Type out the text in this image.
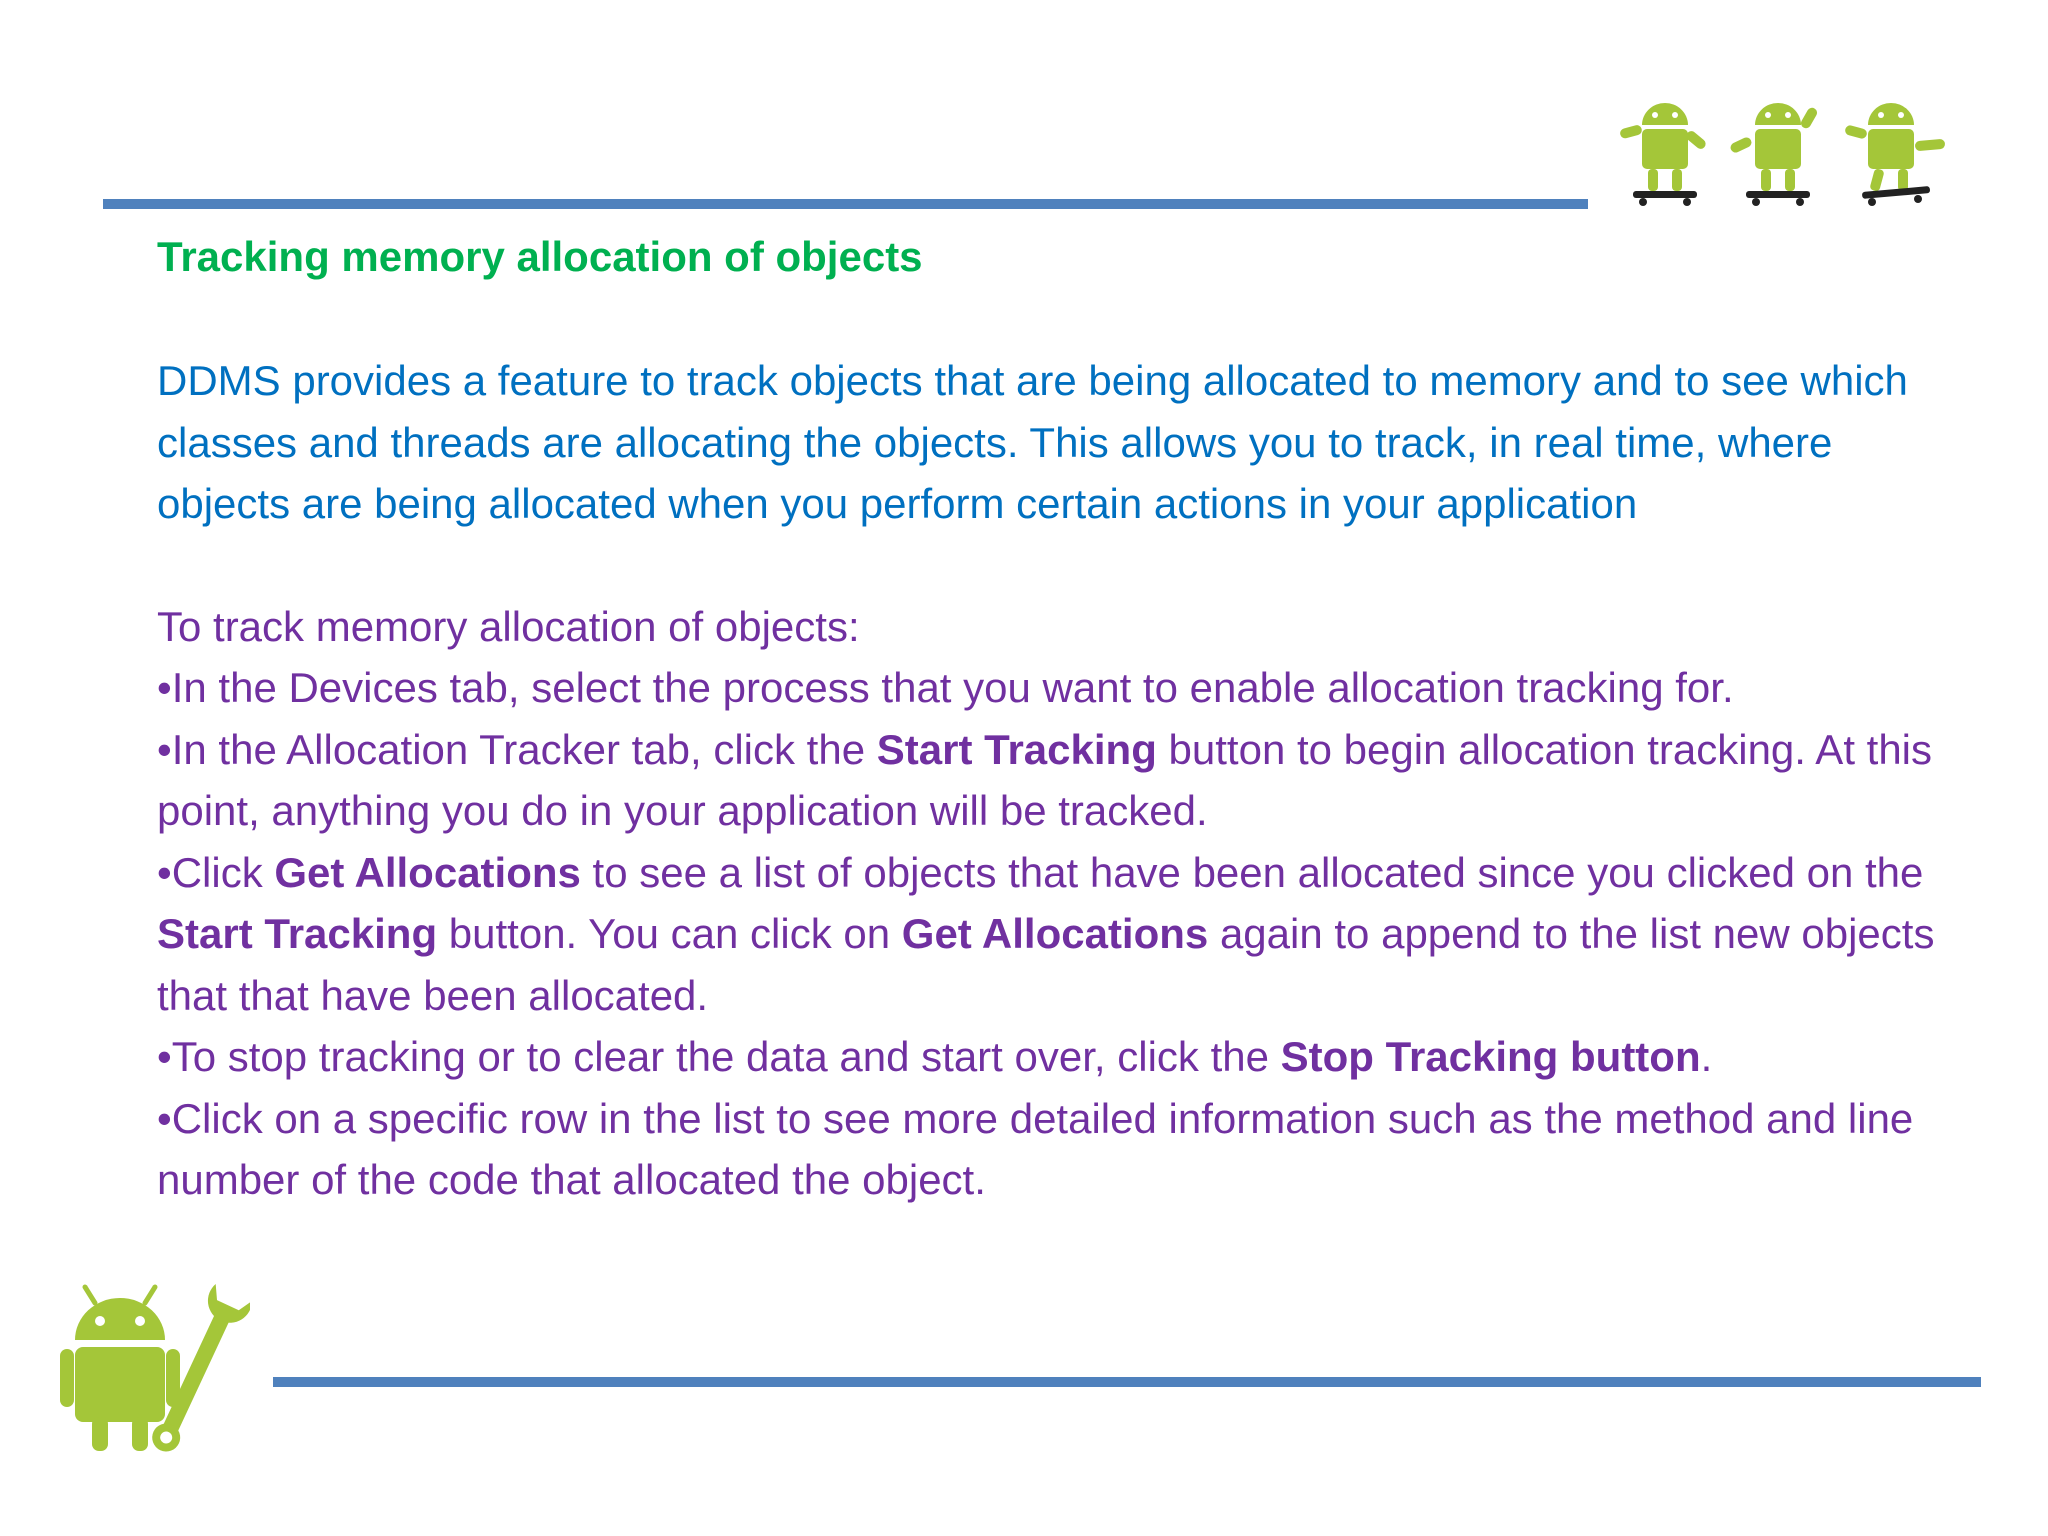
Tracking memory allocation of objects

DDMS provides a feature to track objects that are being allocated to memory and to see which classes and threads are allocating the objects. This allows you to track, in real time, where objects are being allocated when you perform certain actions in your application

To track memory allocation of objects:

•In the Devices tab, select the process that you want to enable allocation tracking for.
•In the Allocation Tracker tab, click the Start Tracking button to begin allocation tracking. At this point, anything you do in your application will be tracked.
•Click Get Allocations to see a list of objects that have been allocated since you clicked on the Start Tracking button. You can click on Get Allocations again to append to the list new objects that that have been allocated.
•To stop tracking or to clear the data and start over, click the Stop Tracking button.
•Click on a specific row in the list to see more detailed information such as the method and line number of the code that allocated the object.
